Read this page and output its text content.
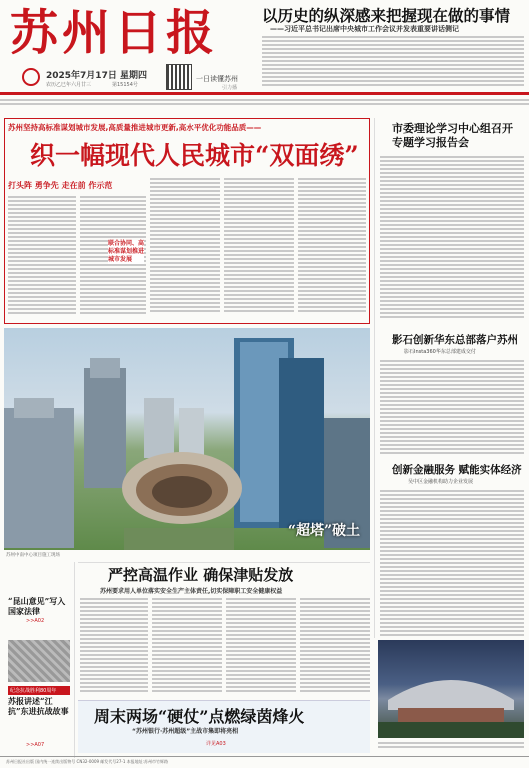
苏州日报
2025年7月17日 星期四
农历乙巳年六月廿三	第15154号
一日读懂苏州
引力播
以历史的纵深感来把握现在做的事情
——习近平总书记出席中央城市工作会议并发表重要讲话侧记
苏州坚持高标准谋划城市发展,高质量推进城市更新,高水平优化功能品质——
织一幅现代人民城市“双面绣”
打头阵 勇争先 走在前 作示范
联合协同、高标准谋划推进城市发展
“超塔”破土
苏州中南中心项目施工现场
市委理论学习中心组召开专题学习报告会
影石创新华东总部落户苏州
影石Insta360华东总部建成交付
创新金融服务 赋能实体经济
吴中区金融机构助力企业发展
“昆山意见”写入国家法律
>>A02
纪念抗战胜利80周年
苏报讲述“江抗”东进抗战故事
>>A07
严控高温作业 确保津贴发放
苏州要求用人单位落实安全生产主体责任,切实保障职工安全健康权益
周末两场“硬仗”点燃绿茵烽火
“苏州银行·苏州超级”主战市集即将亮相
详见A03
苏州日报社出版 国内统一连续出版物号 CN32-0009 邮发代号27-1 本报地址:苏州市竹辉路
